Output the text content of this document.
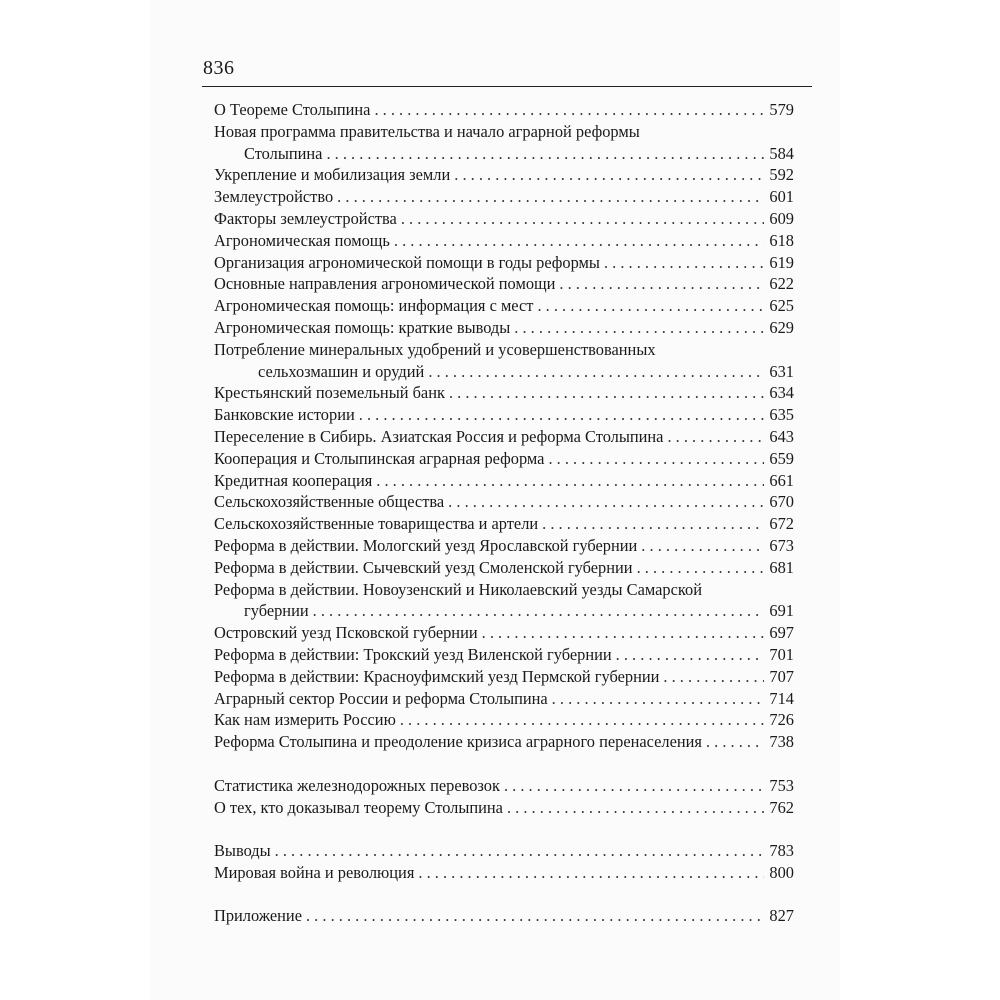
836
О Теореме Столыпина . . .	579
Новая программа правительства и начало аграрной реформы
Столыпина . . .	584
Укрепление и мобилизация земли . . .	592
Землеустройство . . .	601
Факторы землеустройства . . .	609
Агрономическая помощь . . .	618
Организация агрономической помощи в годы реформы . . .	619
Основные направления агрономической помощи . . .	622
Агрономическая помощь: информация с мест . . .	625
Агрономическая помощь: краткие выводы . . .	629
Потребление минеральных удобрений и усовершенствованных
сельхозмашин и орудий . . .	631
Крестьянский поземельный банк . . .	634
Банковские истории . . .	635
Переселение в Сибирь. Азиатская Россия и реформа Столыпина . . .	643
Кооперация и Столыпинская аграрная реформа . . .	659
Кредитная кооперация . . .	661
Сельскохозяйственные общества . . .	670
Сельскохозяйственные товарищества и артели . . .	672
Реформа в действии. Мологский уезд Ярославской губернии . . .	673
Реформа в действии. Сычевский уезд Смоленской губернии . . .	681
Реформа в действии. Новоузенский и Николаевский уезды Самарской
губернии . . .	691
Островский уезд Псковской губернии . . .	697
Реформа в действии: Трокский уезд Виленской губернии . . .	701
Реформа в действии: Красноуфимский уезд Пермской губернии . . .	707
Аграрный сектор России и реформа Столыпина . . .	714
Как нам измерить Россию . . .	726
Реформа Столыпина и преодоление кризиса аграрного перенаселения . . .	738
Статистика железнодорожных перевозок . . .	753
О тех, кто доказывал теорему Столыпина . . .	762
Выводы . . .	783
Мировая война и революция . . .	800
Приложение . . .	827
